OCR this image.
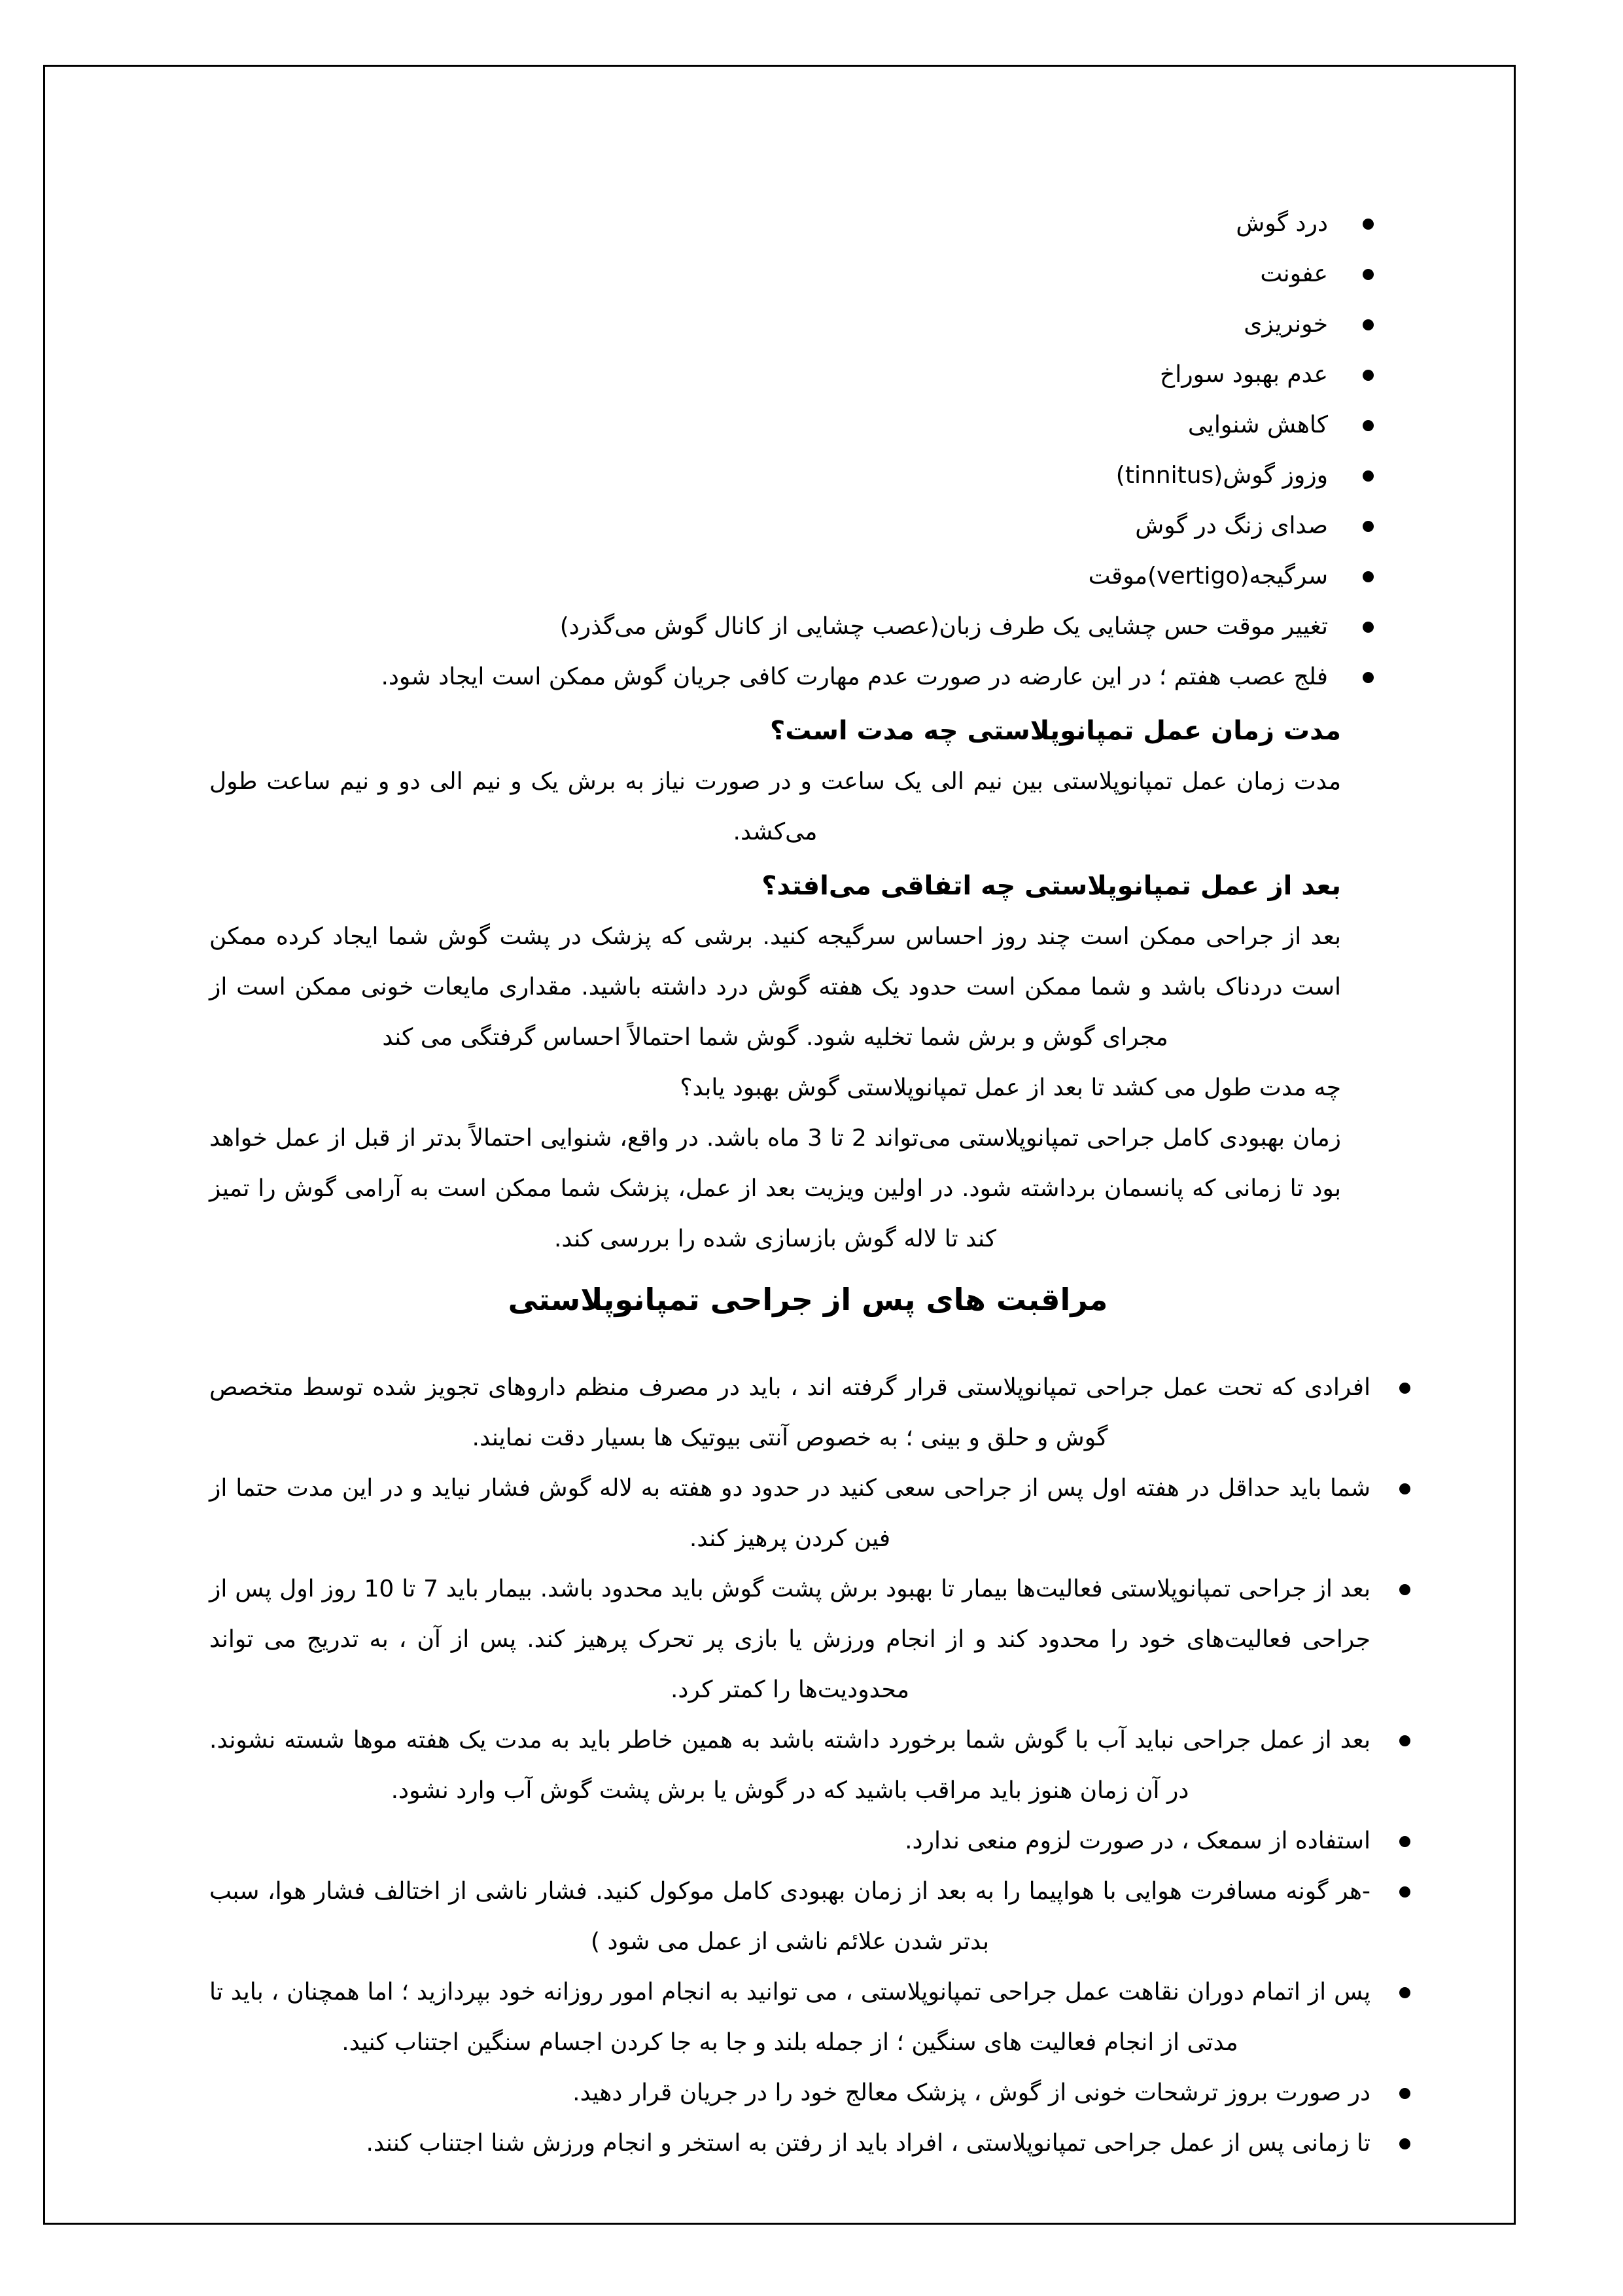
درد گوش
عفونت
خونریزی
عدم بهبود سوراخ
کاهش شنوایی
وزوز گوش(tinnitus)
صدای زنگ در گوش
سرگیجه(vertigo)موقت
تغییر موقت حس چشایی یک طرف زبان(عصب چشایی از کانال گوش می‌گذرد)
فلج عصب هفتم ؛ در این عارضه در صورت عدم مهارت کافی جریان گوش ممکن است ایجاد شود.
مدت زمان عمل تمپانوپلاستی چه مدت است؟

مدت زمان عمل تمپانوپلاستی بین نیم الی یک ساعت و در صورت نیاز به برش یک و نیم الی دو و نیم ساعت طول می‌کشد.

بعد از عمل تمپانوپلاستی چه اتفاقی می‌افتد؟

بعد از جراحی ممکن است چند روز احساس سرگیجه کنید. برشی که پزشک در پشت گوش شما ایجاد کرده ممکن است دردناک باشد و شما ممکن است حدود یک هفته گوش درد داشته باشید. مقداری مایعات خونی ممکن است از مجرای گوش و برش شما تخلیه شود. گوش شما احتمالاً احساس گرفتگی می کند

چه مدت طول می کشد تا بعد از عمل تمپانوپلاستی گوش بهبود یابد؟

زمان بهبودی کامل جراحی تمپانوپلاستی می‌تواند 2 تا 3 ماه باشد. در واقع، شنوایی احتمالاً بدتر از قبل از عمل خواهد بود تا زمانی که پانسمان برداشته شود. در اولین ویزیت بعد از عمل، پزشک شما ممکن است به آرامی گوش را تمیز کند تا لاله گوش بازسازی شده را بررسی کند.

مراقبت های پس از جراحی تمپانوپلاستی
افرادی که تحت عمل جراحی تمپانوپلاستی قرار گرفته اند ، باید در مصرف منظم داروهای تجویز شده توسط متخصص گوش و حلق و بینی ؛ به خصوص آنتی بیوتیک ها بسیار دقت نمایند.
شما باید حداقل در هفته اول پس از جراحی سعی کنید در حدود دو هفته به لاله گوش فشار نیاید و در این مدت حتما از فین کردن پرهیز کند.
بعد از جراحی تمپانوپلاستی فعالیت‌ها بیمار تا بهبود برش پشت گوش باید محدود باشد. بیمار باید 7 تا 10 روز اول پس از جراحی فعالیت‌های خود را محدود کند و از انجام ورزش یا بازی پر تحرک پرهیز کند. پس از آن ، به تدریج می تواند محدودیت‌ها را کمتر کرد.
بعد از عمل جراحی نباید آب با گوش شما برخورد داشته باشد به همین خاطر باید به مدت یک هفته موها شسته نشوند. در آن زمان هنوز باید مراقب باشید که در گوش یا برش پشت گوش آب وارد نشود.
استفاده از سمعک ، در صورت لزوم منعی ندارد.
-هر گونه مسافرت هوایی با هواپیما را به بعد از زمان بهبودی کامل موکول کنید. فشار ناشی از اختالف فشار هوا، سبب بدتر شدن علائم ناشی از عمل می شود )
پس از اتمام دوران نقاهت عمل جراحی تمپانوپلاستی ، می توانید به انجام امور روزانه خود بپردازید ؛ اما همچنان ، باید تا مدتی از انجام فعالیت های سنگین ؛ از جمله بلند و جا به جا کردن اجسام سنگین اجتناب کنید.
در صورت بروز ترشحات خونی از گوش ، پزشک معالج خود را در جریان قرار دهید.
تا زمانی پس از عمل جراحی تمپانوپلاستی ، افراد باید از رفتن به استخر و انجام ورزش شنا اجتناب کنند.
